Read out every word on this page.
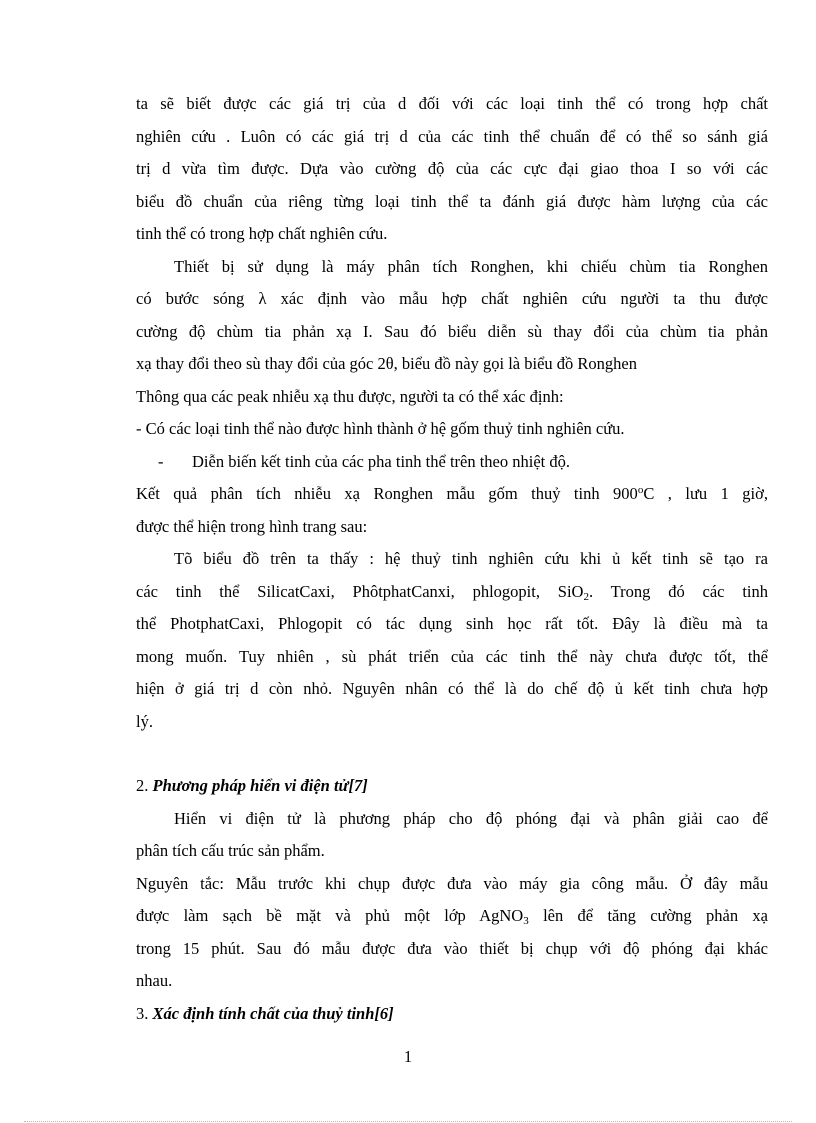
ta sẽ biết được các giá trị của d đối với các loại tinh thể có trong hợp chất
nghiên cứu . Luôn có các giá trị d của các tinh thể chuẩn để có thể so sánh giá
trị d vừa tìm được. Dựa vào cường độ của các cực đại giao thoa I so với các
biểu đồ chuẩn của riêng từng loại tinh thể ta đánh giá được hàm lượng của các
tinh thể có trong hợp chất nghiên cứu.
Thiết bị sử dụng là máy phân tích Ronghen, khi chiếu chùm tia Ronghen
có bước sóng λ xác định vào mẫu hợp chất nghiên cứu người ta thu được
cường độ chùm tia phản xạ I. Sau đó biểu diễn sù thay đổi của chùm tia phản
xạ thay đổi theo sù thay đổi của góc 2θ, biểu đồ này gọi là biểu đồ Ronghen
Thông qua các peak nhiễu xạ thu được, người ta có thể xác định:
- Có các loại tinh thể nào được hình thành ở hệ gốm thuỷ tinh nghiên cứu.
- Diễn biến kết tinh của các pha tinh thể trên theo nhiệt độ.
Kết quả phân tích nhiễu xạ Ronghen mẫu gốm thuỷ tinh 900$^o$C , lưu 1 giờ,
được thể hiện trong hình trang sau:
Tõ biểu đồ trên ta thấy : hệ thuỷ tinh nghiên cứu khi ủ kết tinh sẽ tạo ra
các tinh thể SilicatCaxi, PhôtphatCanxi, phlogopit, SiO$_2$. Trong đó các tinh
thể PhotphatCaxi, Phlogopit có tác dụng sinh học rất tốt. Đây là điều mà ta
mong muốn. Tuy nhiên , sù phát triển của các tinh thể này chưa được tốt, thể
hiện ở giá trị d còn nhỏ. Nguyên nhân có thể là do chế độ ủ kết tinh chưa hợp
lý.
2. Phương pháp hiển vi điện tử[7]
Hiển vi điện tử là phương pháp cho độ phóng đại và phân giải cao để
phân tích cấu trúc sản phẩm.
Nguyên tắc: Mẫu trước khi chụp được đưa vào máy gia công mẫu. Ở đây mẫu
được làm sạch bề mặt và phủ một lớp AgNO$_3$ lên để tăng cường phản xạ
trong 15 phút. Sau đó mẫu được đưa vào thiết bị chụp với độ phóng đại khác
nhau.
3. Xác định tính chất của thuỷ tinh[6]
1
